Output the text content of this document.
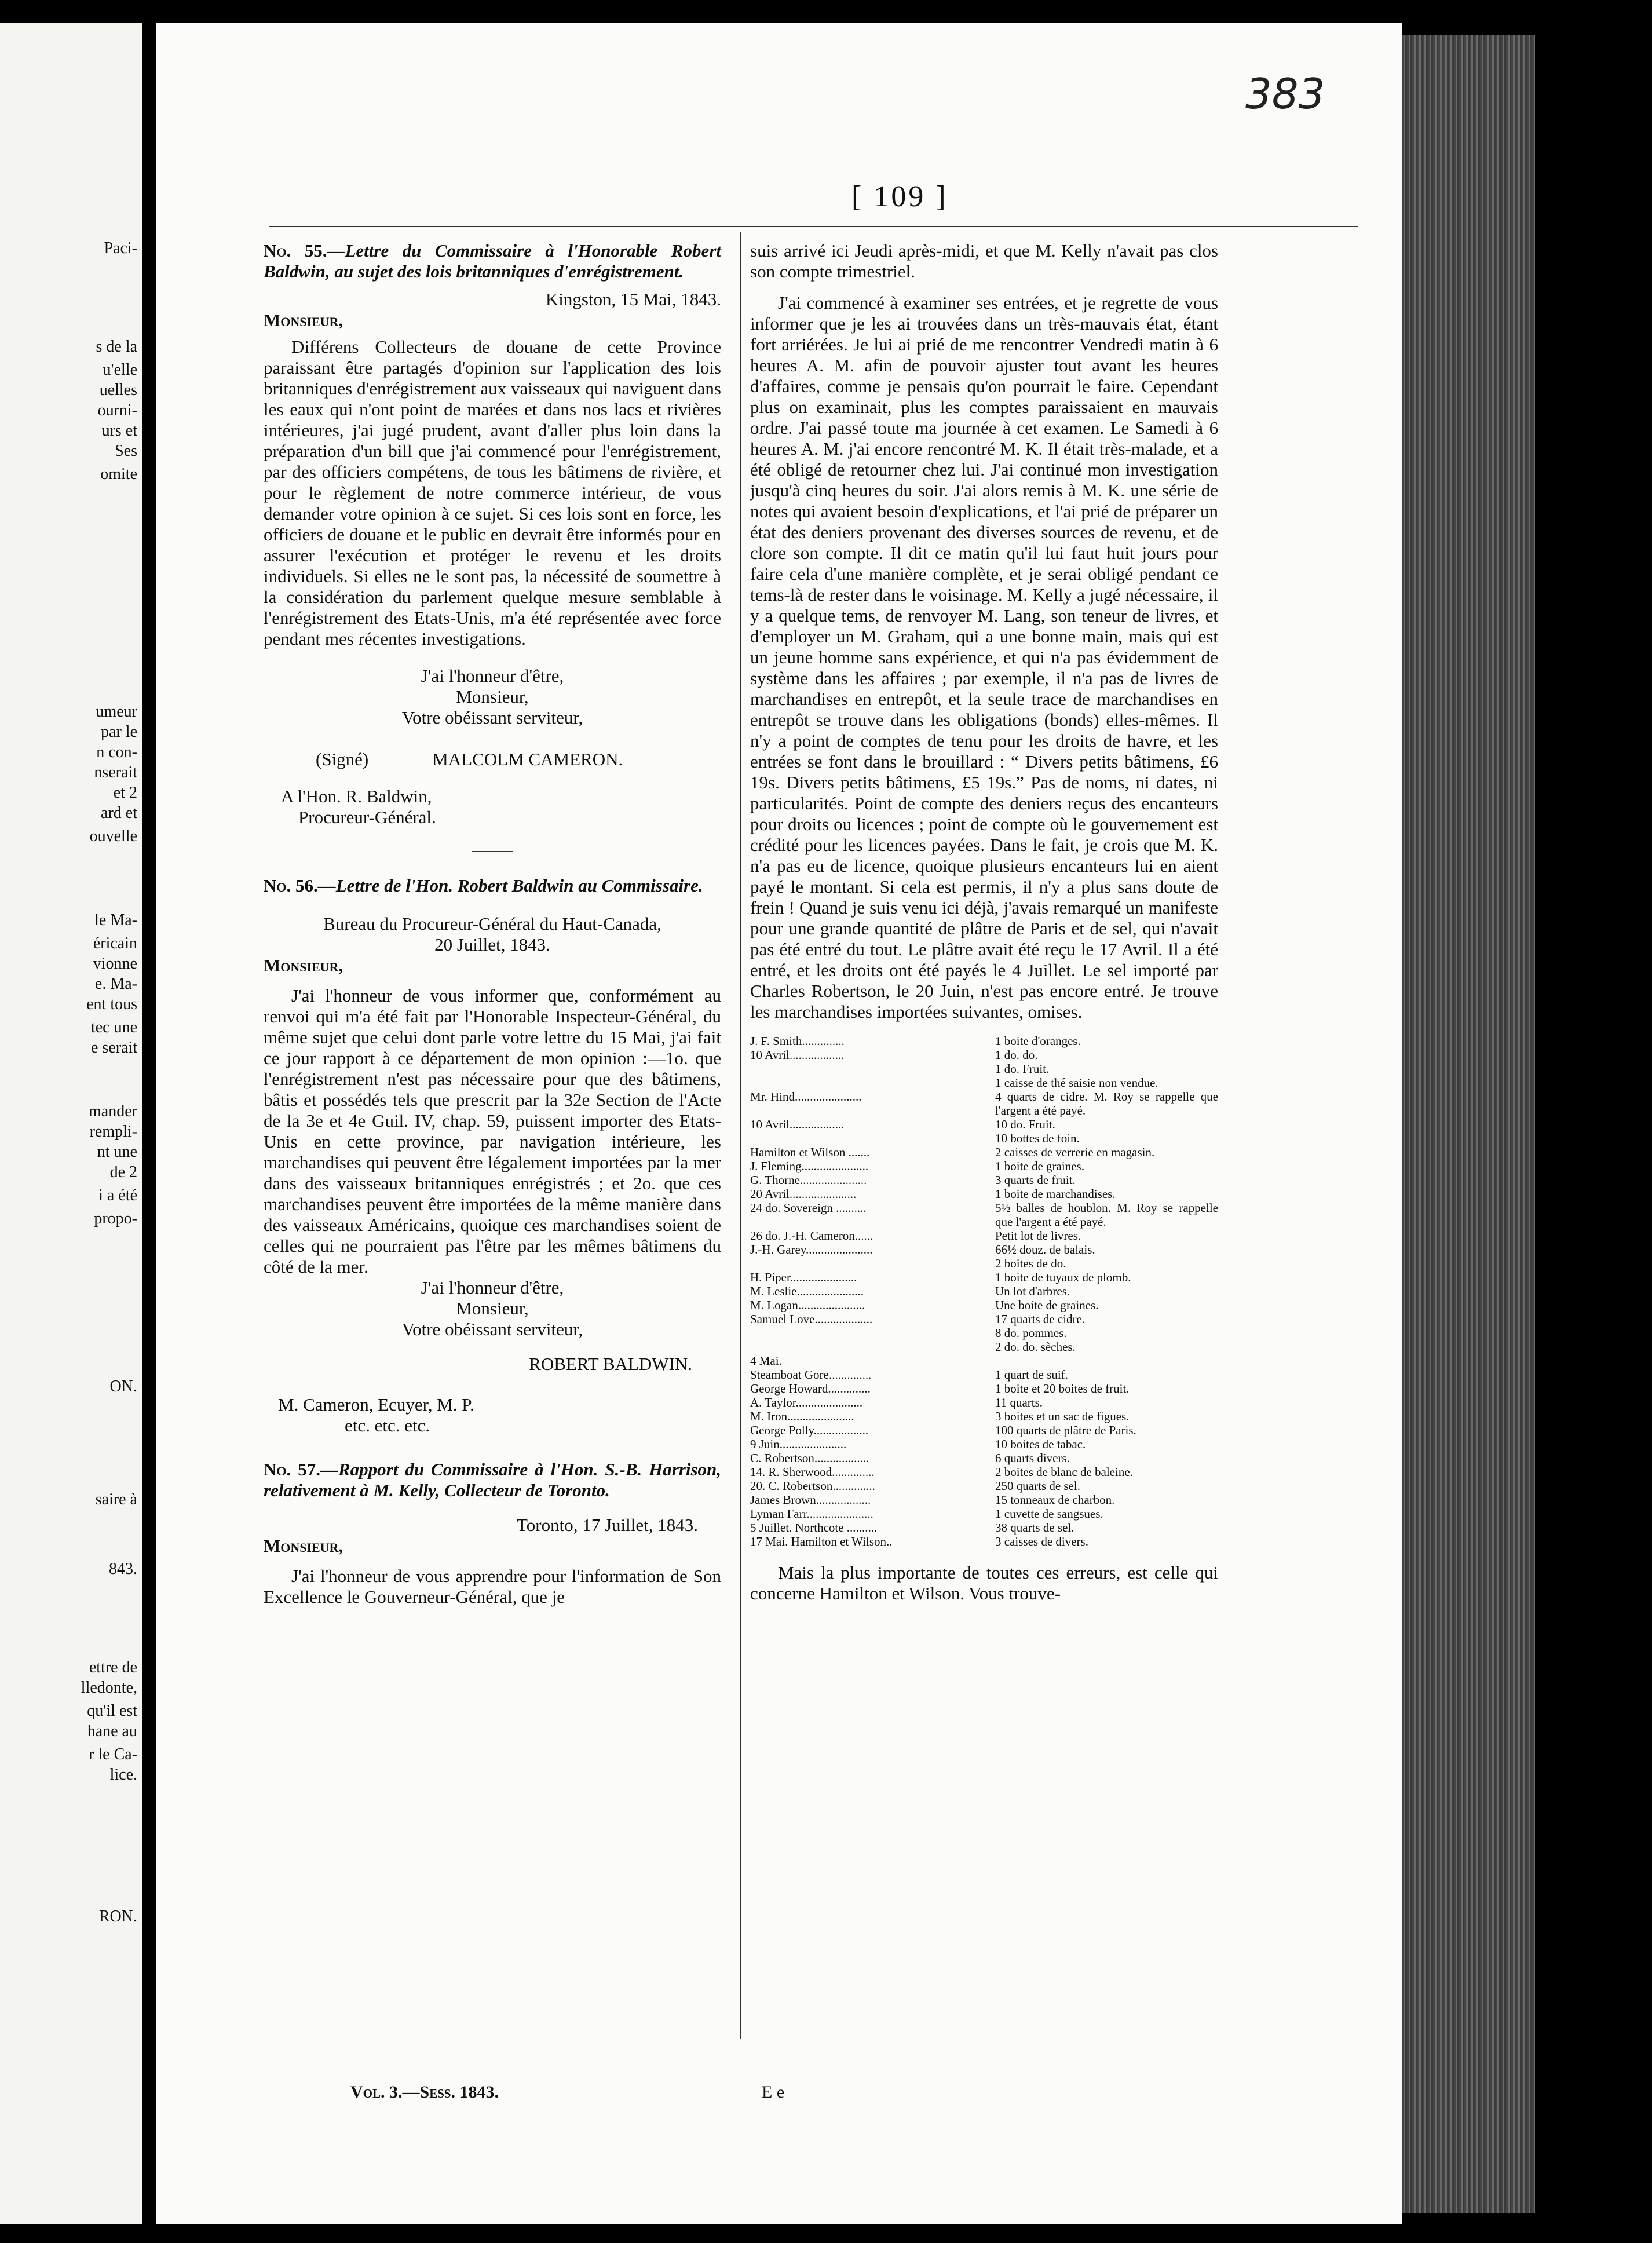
Paci-
s de la
u'elle
uelles
ourni-
urs et
Ses
omite
umeur
par le
n con-
nserait
et 2
ard et
ouvelle
le Ma-
éricain
vionne
e. Ma-
ent tous
tec une
e serait
mander
rempli-
nt une
de 2
i a été
propo-
ON.
saire à
843.
ettre de
lledonte,
qu'il est
hane au
r le Ca-
lice.
RON.
383
[ 109 ]

No. 55.—Lettre du Commissaire à l'Honorable Robert Baldwin, au sujet des lois britanniques d'enrégistrement.

Kingston, 15 Mai, 1843.

Monsieur,

Différens Collecteurs de douane de cette Province paraissant être partagés d'opinion sur l'application des lois britanniques d'enrégistrement aux vaisseaux qui naviguent dans les eaux qui n'ont point de marées et dans nos lacs et rivières intérieures, j'ai jugé prudent, avant d'aller plus loin dans la préparation d'un bill que j'ai commencé pour l'enrégistrement, par des officiers compétens, de tous les bâtimens de rivière, et pour le règlement de notre commerce intérieur, de vous demander votre opinion à ce sujet. Si ces lois sont en force, les officiers de douane et le public en devrait être informés pour en assurer l'exécution et protéger le revenu et les droits individuels. Si elles ne le sont pas, la nécessité de soumettre à la considération du parlement quelque mesure semblable à l'enrégistrement des Etats-Unis, m'a été représentée avec force pendant mes récentes investigations.

J'ai l'honneur d'être,

Monsieur,

Votre obéissant serviteur,

(Signé)	MALCOLM CAMERON.

A l'Hon. R. Baldwin,

Procureur-Général.

No. 56.—Lettre de l'Hon. Robert Baldwin au Commissaire.

Bureau du Procureur-Général du Haut-Canada,

20 Juillet, 1843.

Monsieur,

J'ai l'honneur de vous informer que, conformément au renvoi qui m'a été fait par l'Honorable Inspecteur-Général, du même sujet que celui dont parle votre lettre du 15 Mai, j'ai fait ce jour rapport à ce département de mon opinion :—1o. que l'enrégistrement n'est pas nécessaire pour que des bâtimens, bâtis et possédés tels que prescrit par la 32e Section de l'Acte de la 3e et 4e Guil. IV, chap. 59, puissent importer des Etats-Unis en cette province, par navigation intérieure, les marchandises qui peuvent être légalement importées par la mer dans des vaisseaux britanniques enrégistrés ; et 2o. que ces marchandises peuvent être importées de la même manière dans des vaisseaux Américains, quoique ces marchandises soient de celles qui ne pourraient pas l'être par les mêmes bâtimens du côté de la mer.

J'ai l'honneur d'être,

Monsieur,

Votre obéissant serviteur,

ROBERT BALDWIN.

M. Cameron, Ecuyer, M. P.

etc. etc. etc.

No. 57.—Rapport du Commissaire à l'Hon. S.-B. Harrison, relativement à M. Kelly, Collecteur de Toronto.

Toronto, 17 Juillet, 1843.

Monsieur,

J'ai l'honneur de vous apprendre pour l'information de Son Excellence le Gouverneur-Général, que je

suis arrivé ici Jeudi après-midi, et que M. Kelly n'avait pas clos son compte trimestriel.

J'ai commencé à examiner ses entrées, et je regrette de vous informer que je les ai trouvées dans un très-mauvais état, étant fort arriérées. Je lui ai prié de me rencontrer Vendredi matin à 6 heures A. M. afin de pouvoir ajuster tout avant les heures d'affaires, comme je pensais qu'on pourrait le faire. Cependant plus on examinait, plus les comptes paraissaient en mauvais ordre. J'ai passé toute ma journée à cet examen. Le Samedi à 6 heures A. M. j'ai encore rencontré M. K. Il était très-malade, et a été obligé de retourner chez lui. J'ai continué mon investigation jusqu'à cinq heures du soir. J'ai alors remis à M. K. une série de notes qui avaient besoin d'explications, et l'ai prié de préparer un état des deniers provenant des diverses sources de revenu, et de clore son compte. Il dit ce matin qu'il lui faut huit jours pour faire cela d'une manière complète, et je serai obligé pendant ce tems-là de rester dans le voisinage. M. Kelly a jugé nécessaire, il y a quelque tems, de renvoyer M. Lang, son teneur de livres, et d'employer un M. Graham, qui a une bonne main, mais qui est un jeune homme sans expérience, et qui n'a pas évidemment de système dans les affaires ; par exemple, il n'a pas de livres de marchandises en entrepôt, et la seule trace de marchandises en entrepôt se trouve dans les obligations (bonds) elles-mêmes. Il n'y a point de comptes de tenu pour les droits de havre, et les entrées se font dans le brouillard : “ Divers petits bâtimens, £6 19s. Divers petits bâtimens, £5 19s.” Pas de noms, ni dates, ni particularités. Point de compte des deniers reçus des encanteurs pour droits ou licences ; point de compte où le gouvernement est crédité pour les licences payées. Dans le fait, je crois que M. K. n'a pas eu de licence, quoique plusieurs encanteurs lui en aient payé le montant. Si cela est permis, il n'y a plus sans doute de frein ! Quand je suis venu ici déjà, j'avais remarqué un manifeste pour une grande quantité de plâtre de Paris et de sel, qui n'avait pas été entré du tout. Le plâtre avait été reçu le 17 Avril. Il a été entré, et les droits ont été payés le 4 Juillet. Le sel importé par Charles Robertson, le 20 Juin, n'est pas encore entré. Je trouve les marchandises importées suivantes, omises.

J. F. Smith..............	1 boite d'oranges.
10 Avril..................	1 do. do.
	1 do. Fruit.
	1 caisse de thé saisie non vendue.
Mr. Hind......................	4 quarts de cidre. M. Roy se rappelle que l'argent a été payé.
10 Avril..................	10 do. Fruit.
	10 bottes de foin.
Hamilton et Wilson .......	2 caisses de verrerie en magasin.
J. Fleming......................	1 boite de graines.
G. Thorne......................	3 quarts de fruit.
20 Avril......................	1 boite de marchandises.
24 do. Sovereign ..........	5½ balles de houblon. M. Roy se rappelle que l'argent a été payé.
26 do. J.-H. Cameron......	Petit lot de livres.
J.-H. Garey......................	66½ douz. de balais.
	2 boites de do.
H. Piper......................	1 boite de tuyaux de plomb.
M. Leslie......................	Un lot d'arbres.
M. Logan......................	Une boite de graines.
Samuel Love...................	17 quarts de cidre.
	8 do. pommes.
	2 do. do. sèches.
4 Mai.	
Steamboat Gore..............	1 quart de suif.
George Howard..............	1 boite et 20 boites de fruit.
A. Taylor......................	11 quarts.
M. Iron......................	3 boites et un sac de figues.
George Polly..................	100 quarts de plâtre de Paris.
9 Juin......................	10 boites de tabac.
C. Robertson..................	6 quarts divers.
14. R. Sherwood..............	2 boites de blanc de baleine.
20. C. Robertson..............	250 quarts de sel.
James Brown..................	15 tonneaux de charbon.
Lyman Farr......................	1 cuvette de sangsues.
5 Juillet. Northcote ..........	38 quarts de sel.
17 Mai. Hamilton et Wilson..	3 caisses de divers.

Mais la plus importante de toutes ces erreurs, est celle qui concerne Hamilton et Wilson. Vous trouve-

Vol. 3.—Sess. 1843.	E e
